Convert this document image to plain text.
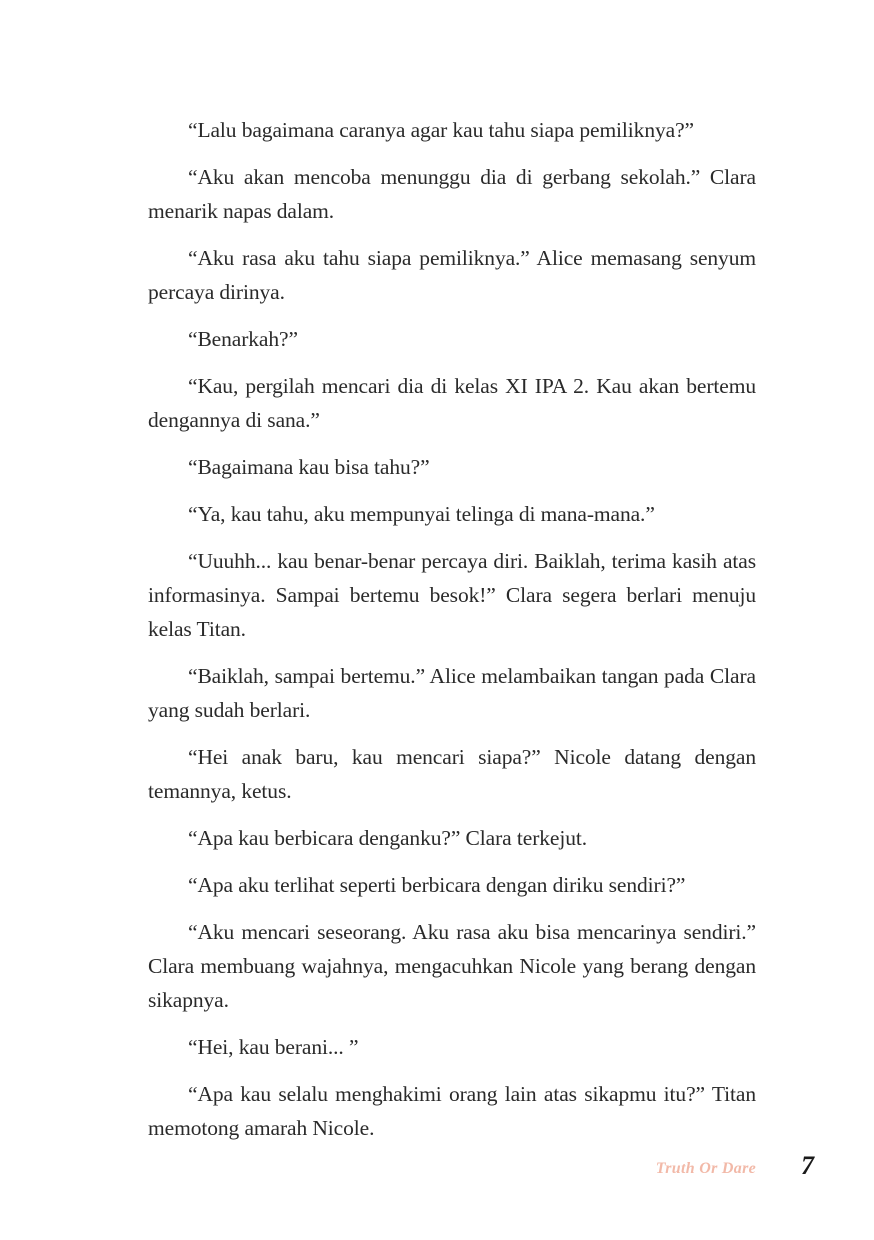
“Lalu bagaimana caranya agar kau tahu siapa pemiliknya?”

“Aku akan mencoba menunggu dia di gerbang sekolah.” Clara menarik napas dalam.

“Aku rasa aku tahu siapa pemiliknya.” Alice memasang senyum percaya dirinya.

“Benarkah?”

“Kau, pergilah mencari dia di kelas XI IPA 2. Kau akan bertemu dengannya di sana.”

“Bagaimana kau bisa tahu?”

“Ya, kau tahu, aku mempunyai telinga di mana-mana.”

“Uuuhh... kau benar-benar percaya diri. Baiklah, terima kasih atas informasinya. Sampai bertemu besok!” Clara segera berlari menuju kelas Titan.

“Baiklah, sampai bertemu.” Alice melambaikan tangan pada Clara yang sudah berlari.

“Hei anak baru, kau mencari siapa?” Nicole datang dengan temannya, ketus.

“Apa kau berbicara denganku?” Clara terkejut.

“Apa aku terlihat seperti berbicara dengan diriku sendiri?”

“Aku mencari seseorang. Aku rasa aku bisa mencarinya sendiri.” Clara membuang wajahnya, mengacuhkan Nicole yang berang dengan sikapnya.

“Hei, kau berani... ”

“Apa kau selalu menghakimi orang lain atas sikapmu itu?” Titan memotong amarah Nicole.

Truth Or Dare 7
